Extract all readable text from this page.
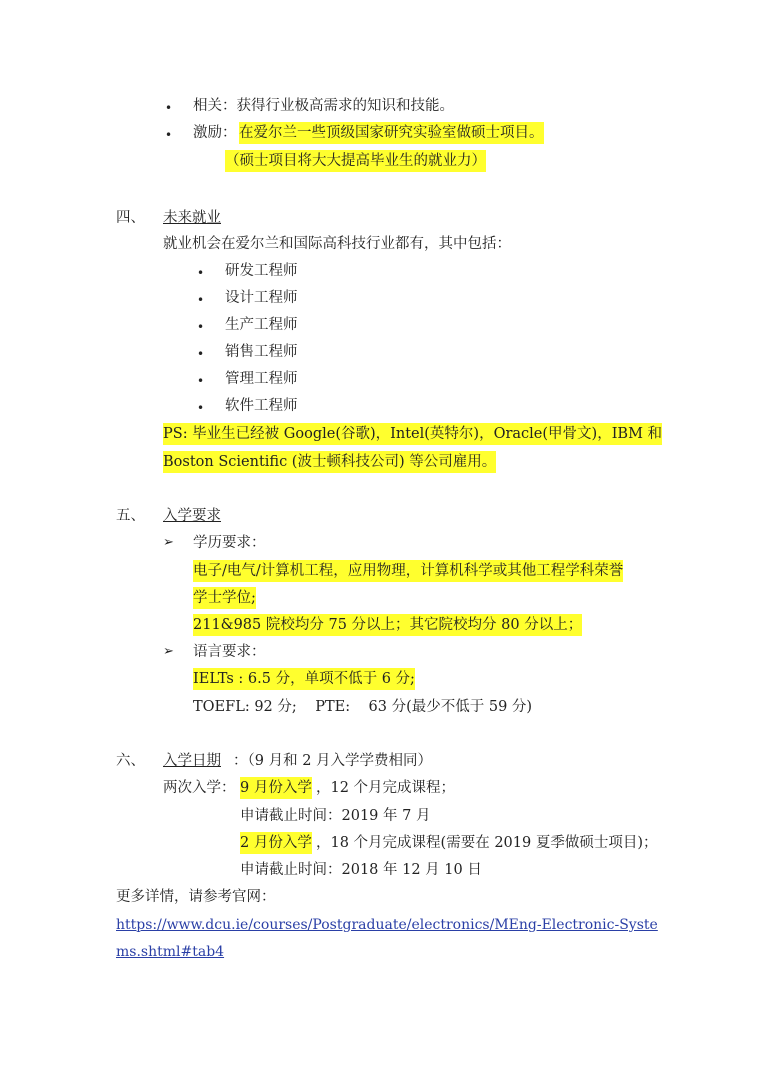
• 相关：获得行业极高需求的知识和技能。
• 激励： 在爱尔兰一些顶级国家研究实验室做硕士项目。
（硕士项目将大大提高毕业生的就业力）
四、 未来就业
就业机会在爱尔兰和国际高科技行业都有，其中包括：
• 研发工程师
• 设计工程师
• 生产工程师
• 销售工程师
• 管理工程师
• 软件工程师
PS: 毕业生已经被 Google(谷歌)，Intel(英特尔)，Oracle(甲骨文)，IBM 和
Boston Scientific (波士顿科技公司) 等公司雇用。
五、 入学要求
➢ 学历要求：
电子/电气/计算机工程，应用物理，计算机科学或其他工程学科荣誉
学士学位;
211&985 院校均分 75 分以上；其它院校均分 80 分以上；
➢ 语言要求：
IELTs : 6.5 分，单项不低于 6 分;
TOEFL: 92 分;    PTE:    63 分(最少不低于 59 分)
六、 入学日期 ：（9 月和 2 月入学学费相同）
两次入学： 9 月份入学 ，12 个月完成课程；
申请截止时间：2019 年 7 月
2 月份入学 ，18 个月完成课程(需要在 2019 夏季做硕士项目)；
申请截止时间：2018 年 12 月 10 日
更多详情，请参考官网：
https://www.dcu.ie/courses/Postgraduate/electronics/MEng-Electronic-Syste
ms.shtml#tab4
